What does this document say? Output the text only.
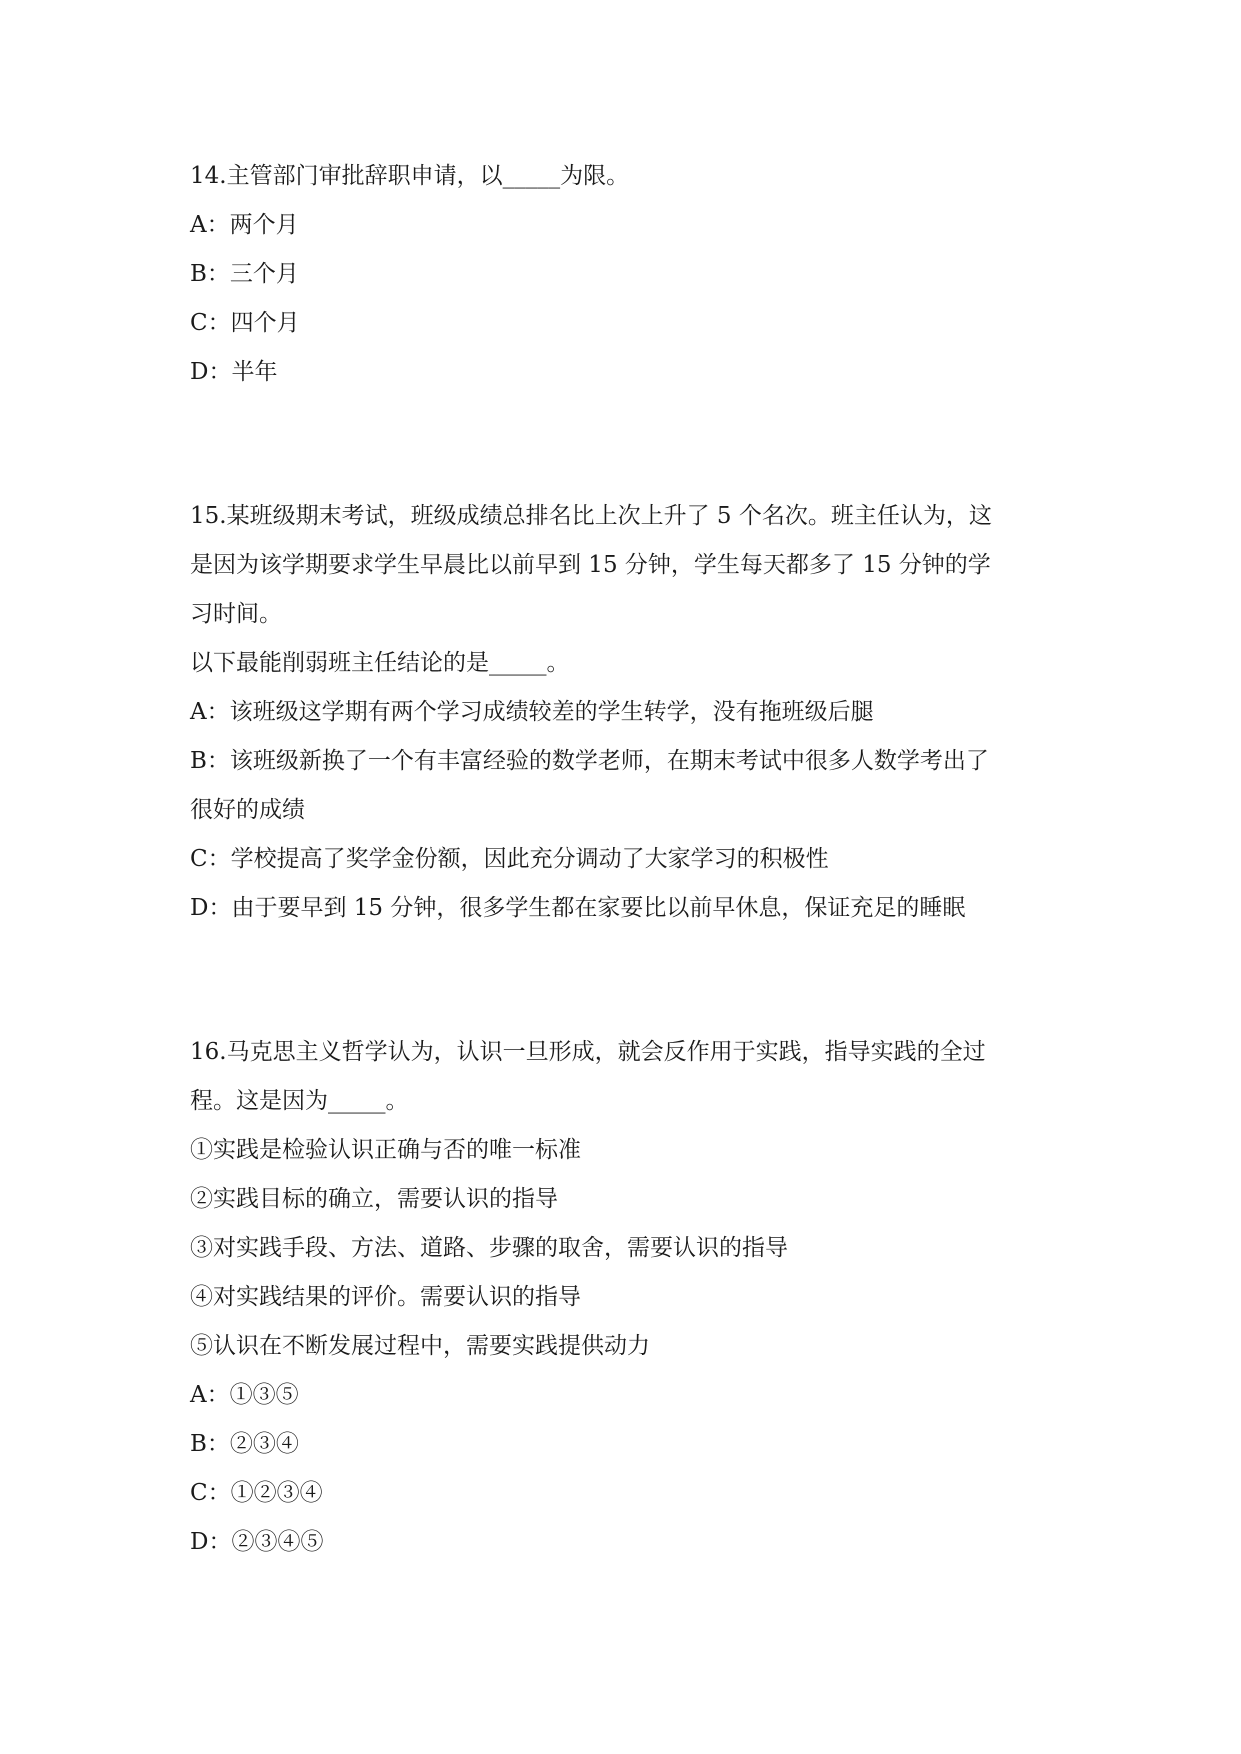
14.主管部门审批辞职申请，以_____为限。

A：两个月

B：三个月

C：四个月

D：半年

15.某班级期末考试，班级成绩总排名比上次上升了 5 个名次。班主任认为，这

是因为该学期要求学生早晨比以前早到 15 分钟，学生每天都多了 15 分钟的学

习时间。

以下最能削弱班主任结论的是_____。

A：该班级这学期有两个学习成绩较差的学生转学，没有拖班级后腿

B：该班级新换了一个有丰富经验的数学老师，在期末考试中很多人数学考出了

很好的成绩

C：学校提高了奖学金份额，因此充分调动了大家学习的积极性

D：由于要早到 15 分钟，很多学生都在家要比以前早休息，保证充足的睡眠

16.马克思主义哲学认为，认识一旦形成，就会反作用于实践，指导实践的全过

程。这是因为_____。

①实践是检验认识正确与否的唯一标准

②实践目标的确立，需要认识的指导

③对实践手段、方法、道路、步骤的取舍，需要认识的指导

④对实践结果的评价。需要认识的指导

⑤认识在不断发展过程中，需要实践提供动力

A：①③⑤

B：②③④

C：①②③④

D：②③④⑤
